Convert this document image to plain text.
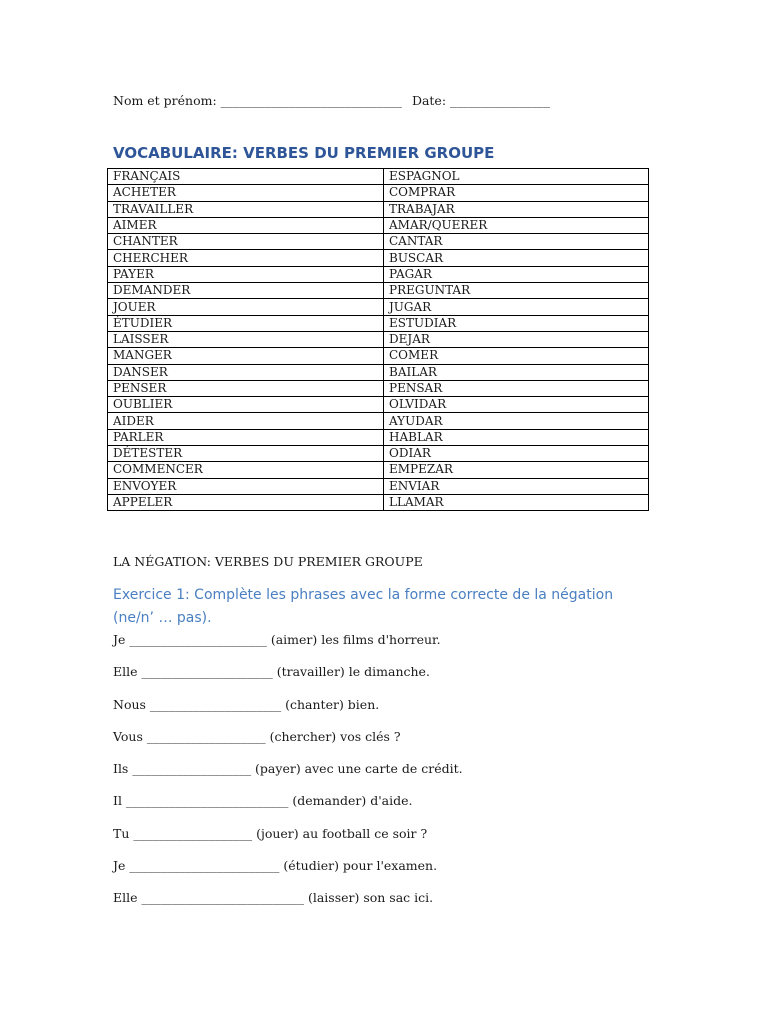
Nom et prénom: _____________________________ Date: ________________
VOCABULAIRE: VERBES DU PREMIER GROUPE
FRANÇAIS	ESPAGNOL
ACHETER	COMPRAR
TRAVAILLER	TRABAJAR
AIMER	AMAR/QUERER
CHANTER	CANTAR
CHERCHER	BUSCAR
PAYER	PAGAR
DEMANDER	PREGUNTAR
JOUER	JUGAR
ÉTUDIER	ESTUDIAR
LAISSER	DEJAR
MANGER	COMER
DANSER	BAILAR
PENSER	PENSAR
OUBLIER	OLVIDAR
AIDER	AYUDAR
PARLER	HABLAR
DÉTESTER	ODIAR
COMMENCER	EMPEZAR
ENVOYER	ENVIAR
APPELER	LLAMAR
LA NÉGATION: VERBES DU PREMIER GROUPE
Exercice 1: Complète les phrases avec la forme correcte de la négation (ne/n’ … pas).
Je ______________________ (aimer) les films d'horreur.
Elle _____________________ (travailler) le dimanche.
Nous _____________________ (chanter) bien.
Vous ___________________ (chercher) vos clés ?
Ils ___________________ (payer) avec une carte de crédit.
Il __________________________ (demander) d'aide.
Tu ___________________ (jouer) au football ce soir ?
Je ________________________ (étudier) pour l'examen.
Elle __________________________ (laisser) son sac ici.
